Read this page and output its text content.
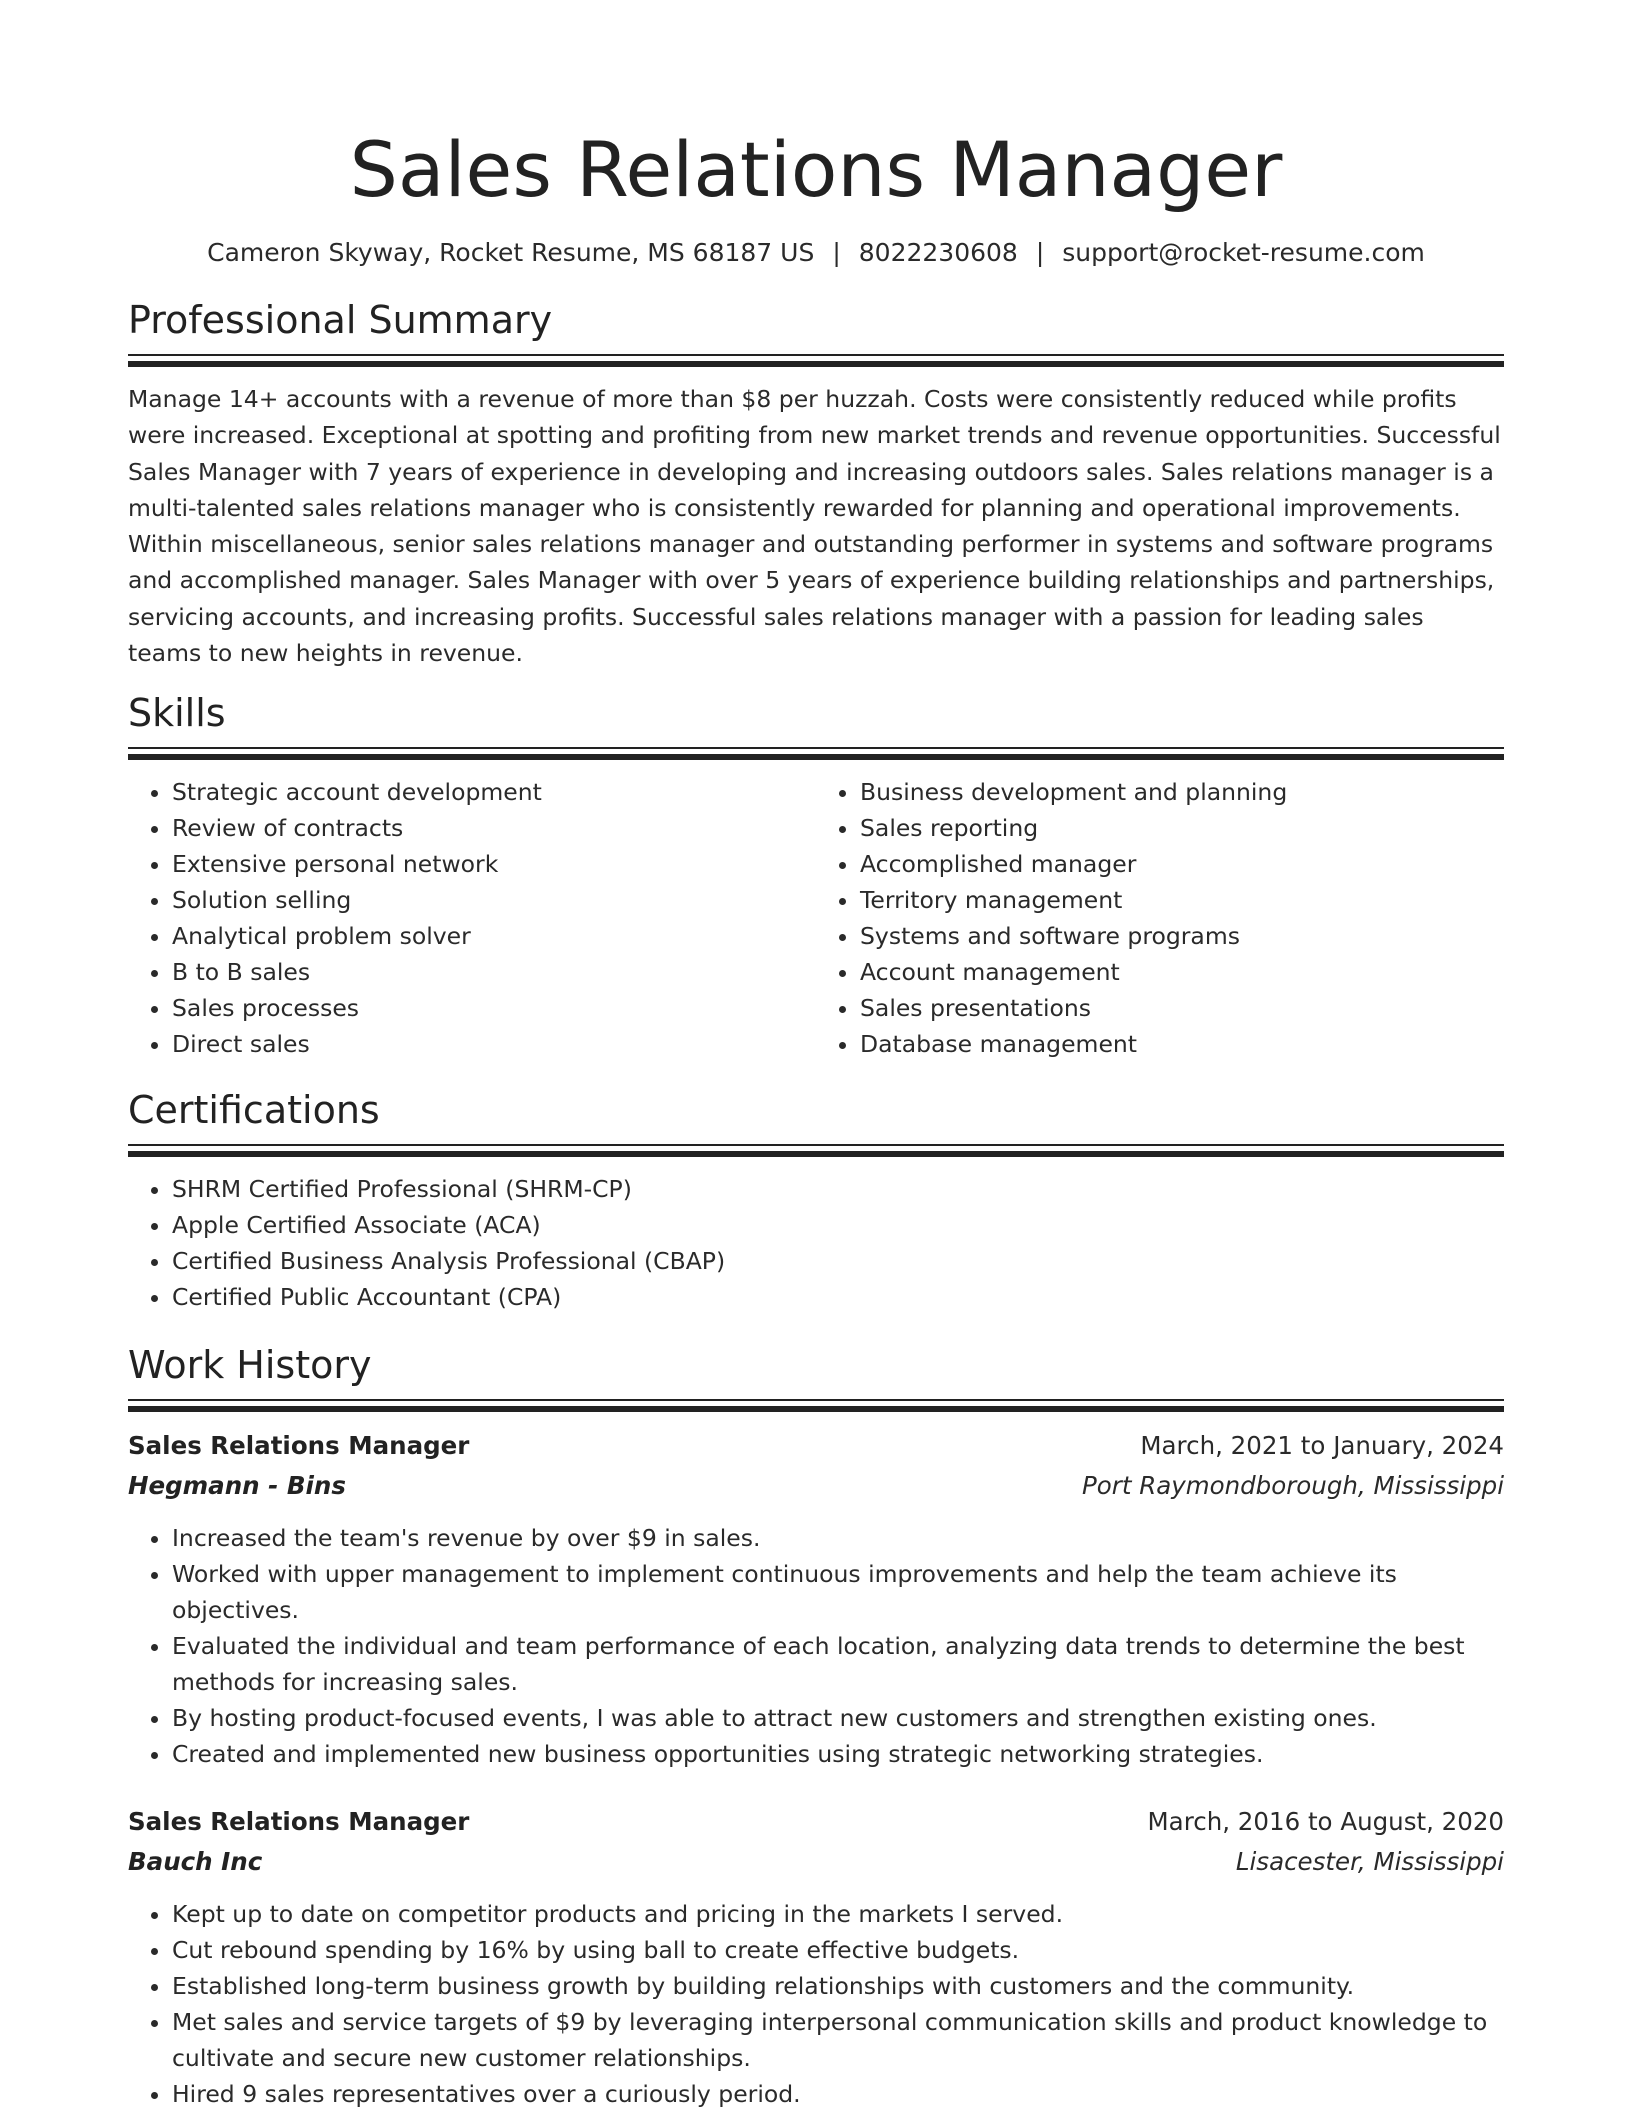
Sales Relations Manager
Cameron Skyway, Rocket Resume, MS 68187 US | 8022230608 | support@rocket-resume.com
Professional Summary
Manage 14+ accounts with a revenue of more than $8 per huzzah. Costs were consistently reduced while profits were increased. Exceptional at spotting and profiting from new market trends and revenue opportunities. Successful Sales Manager with 7 years of experience in developing and increasing outdoors sales. Sales relations manager is a multi-talented sales relations manager who is consistently rewarded for planning and operational improvements. Within miscellaneous, senior sales relations manager and outstanding performer in systems and software programs and accomplished manager. Sales Manager with over 5 years of experience building relationships and partnerships, servicing accounts, and increasing profits. Successful sales relations manager with a passion for leading sales teams to new heights in revenue.
Skills
• Strategic account development
• Review of contracts
• Extensive personal network
• Solution selling
• Analytical problem solver
• B to B sales
• Sales processes
• Direct sales
• Business development and planning
• Sales reporting
• Accomplished manager
• Territory management
• Systems and software programs
• Account management
• Sales presentations
• Database management
Certifications
• SHRM Certified Professional (SHRM-CP)
• Apple Certified Associate (ACA)
• Certified Business Analysis Professional (CBAP)
• Certified Public Accountant (CPA)
Work History
Sales Relations Manager	March, 2021 to January, 2024
Hegmann - Bins	Port Raymondborough, Mississippi
• Increased the team's revenue by over $9 in sales.
• Worked with upper management to implement continuous improvements and help the team achieve its objectives.
• Evaluated the individual and team performance of each location, analyzing data trends to determine the best methods for increasing sales.
• By hosting product-focused events, I was able to attract new customers and strengthen existing ones.
• Created and implemented new business opportunities using strategic networking strategies.
Sales Relations Manager	March, 2016 to August, 2020
Bauch Inc	Lisacester, Mississippi
• Kept up to date on competitor products and pricing in the markets I served.
• Cut rebound spending by 16% by using ball to create effective budgets.
• Established long-term business growth by building relationships with customers and the community.
• Met sales and service targets of $9 by leveraging interpersonal communication skills and product knowledge to cultivate and secure new customer relationships.
• Hired 9 sales representatives over a curiously period.
